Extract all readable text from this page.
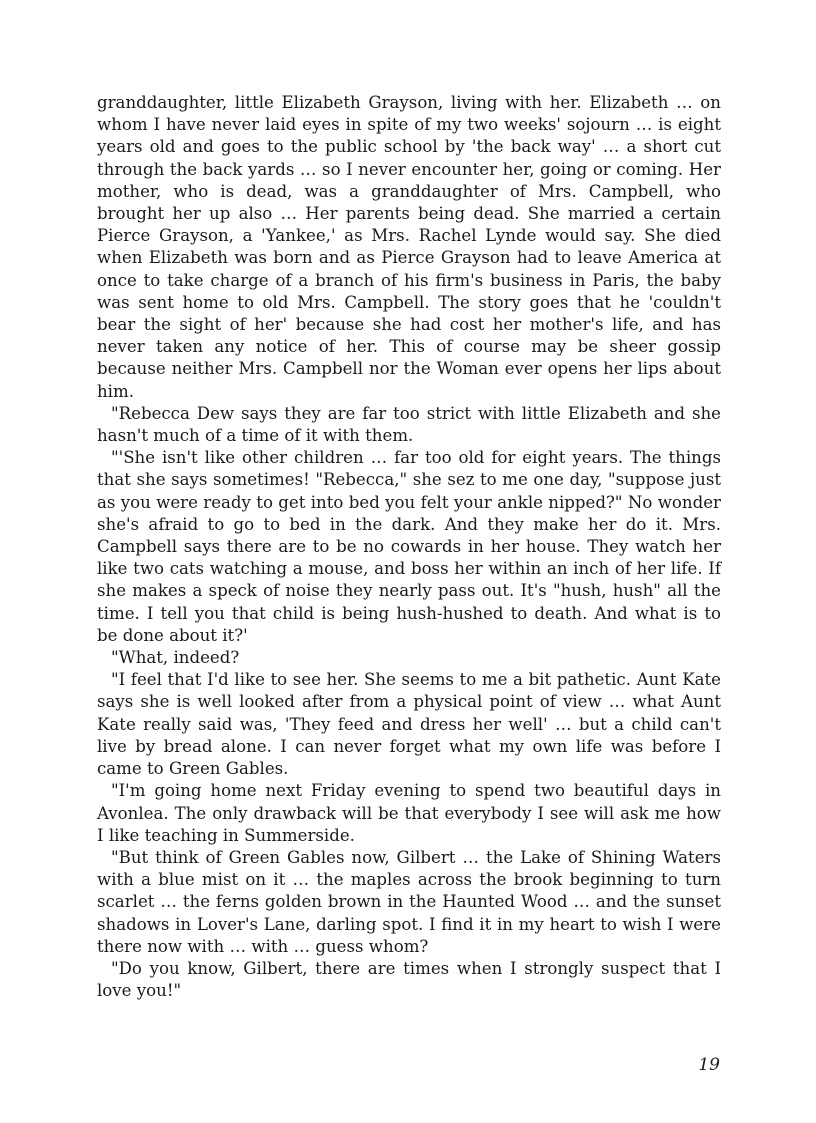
granddaughter, little Elizabeth Grayson, living with her. Elizabeth … on whom I have never laid eyes in spite of my two weeks' sojourn … is eight years old and goes to the public school by 'the back way' … a short cut through the back yards … so I never encounter her, going or coming. Her mother, who is dead, was a granddaughter of Mrs. Campbell, who brought her up also … Her parents being dead. She married a certain Pierce Grayson, a 'Yankee,' as Mrs. Rachel Lynde would say. She died when Elizabeth was born and as Pierce Grayson had to leave America at once to take charge of a branch of his firm's business in Paris, the baby was sent home to old Mrs. Campbell. The story goes that he 'couldn't bear the sight of her' because she had cost her mother's life, and has never taken any notice of her. This of course may be sheer gossip because neither Mrs. Campbell nor the Woman ever opens her lips about him.

"Rebecca Dew says they are far too strict with little Elizabeth and she hasn't much of a time of it with them.

"'She isn't like other children … far too old for eight years. The things that she says sometimes! "Rebecca," she sez to me one day, "suppose just as you were ready to get into bed you felt your ankle nipped?" No wonder she's afraid to go to bed in the dark. And they make her do it. Mrs. Campbell says there are to be no cowards in her house. They watch her like two cats watching a mouse, and boss her within an inch of her life. If she makes a speck of noise they nearly pass out. It's "hush, hush" all the time. I tell you that child is being hush-hushed to death. And what is to be done about it?'

"What, indeed?

"I feel that I'd like to see her. She seems to me a bit pathetic. Aunt Kate says she is well looked after from a physical point of view … what Aunt Kate really said was, 'They feed and dress her well' … but a child can't live by bread alone. I can never forget what my own life was before I came to Green Gables.

"I'm going home next Friday evening to spend two beautiful days in Avonlea. The only drawback will be that everybody I see will ask me how I like teaching in Summerside.

"But think of Green Gables now, Gilbert … the Lake of Shining Waters with a blue mist on it … the maples across the brook beginning to turn scarlet … the ferns golden brown in the Haunted Wood … and the sunset shadows in Lover's Lane, darling spot. I find it in my heart to wish I were there now with … with … guess whom?

"Do you know, Gilbert, there are times when I strongly suspect that I love you!"

19
